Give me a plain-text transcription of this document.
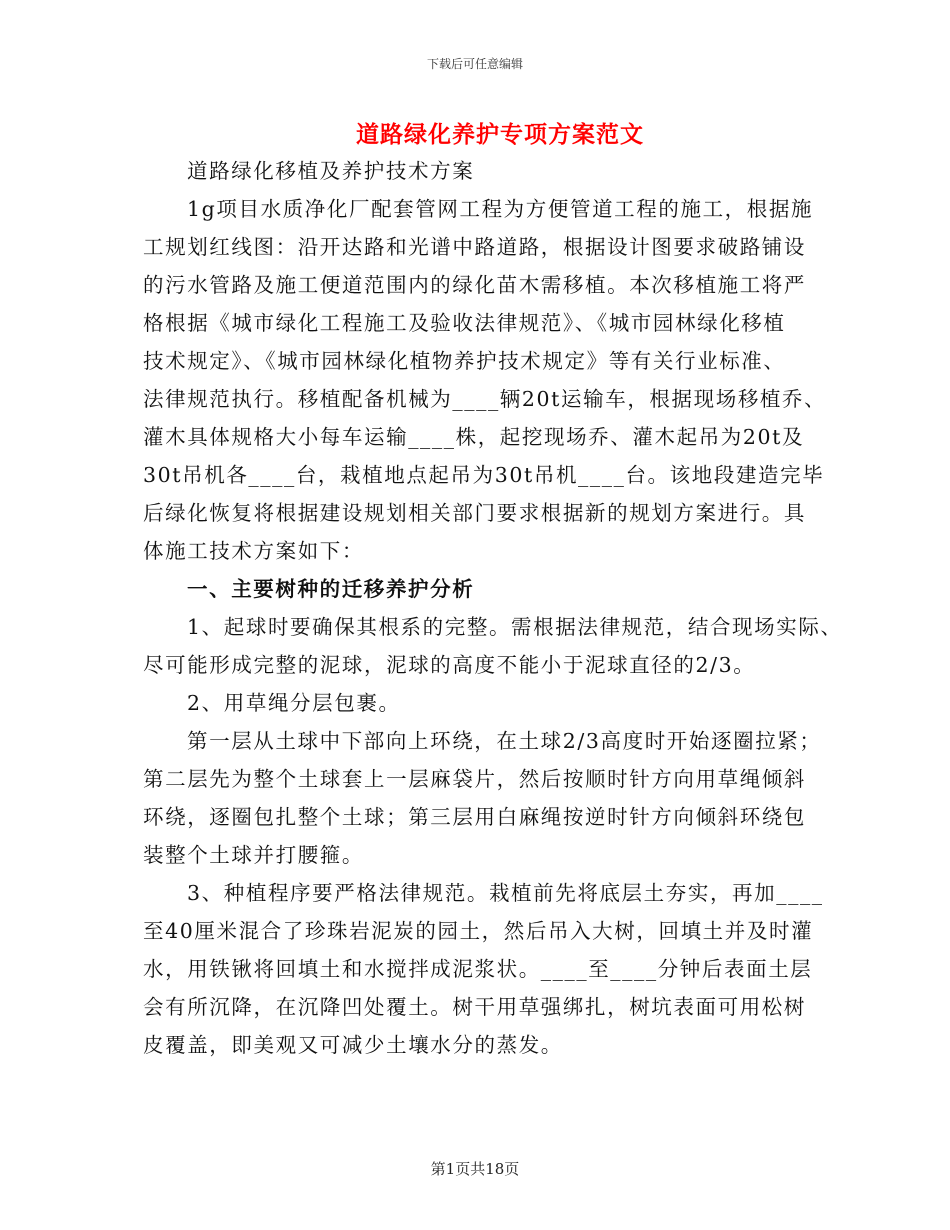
下载后可任意编辑
道路绿化养护专项方案范文
道路绿化移植及养护技术方案
1g项目水质净化厂配套管网工程为方便管道工程的施工，根据施
工规划红线图：沿开达路和光谱中路道路，根据设计图要求破路铺设
的污水管路及施工便道范围内的绿化苗木需移植。本次移植施工将严
格根据《城市绿化工程施工及验收法律规范》、《城市园林绿化移植
技术规定》、《城市园林绿化植物养护技术规定》等有关行业标准、
法律规范执行。移植配备机械为____辆20t运输车，根据现场移植乔、
灌木具体规格大小每车运输____株，起挖现场乔、灌木起吊为20t及
30t吊机各____台，栽植地点起吊为30t吊机____台。该地段建造完毕
后绿化恢复将根据建设规划相关部门要求根据新的规划方案进行。具
体施工技术方案如下：
一、主要树种的迁移养护分析
1、起球时要确保其根系的完整。需根据法律规范，结合现场实际、
尽可能形成完整的泥球，泥球的高度不能小于泥球直径的2/3。
2、用草绳分层包裹。
第一层从土球中下部向上环绕，在土球2/3高度时开始逐圈拉紧；
第二层先为整个土球套上一层麻袋片，然后按顺时针方向用草绳倾斜
环绕，逐圈包扎整个土球；第三层用白麻绳按逆时针方向倾斜环绕包
装整个土球并打腰箍。
3、种植程序要严格法律规范。栽植前先将底层土夯实，再加____
至40厘米混合了珍珠岩泥炭的园土，然后吊入大树，回填土并及时灌
水，用铁锹将回填土和水搅拌成泥浆状。____至____分钟后表面土层
会有所沉降，在沉降凹处覆土。树干用草强绑扎，树坑表面可用松树
皮覆盖，即美观又可减少土壤水分的蒸发。
第1页共18页
